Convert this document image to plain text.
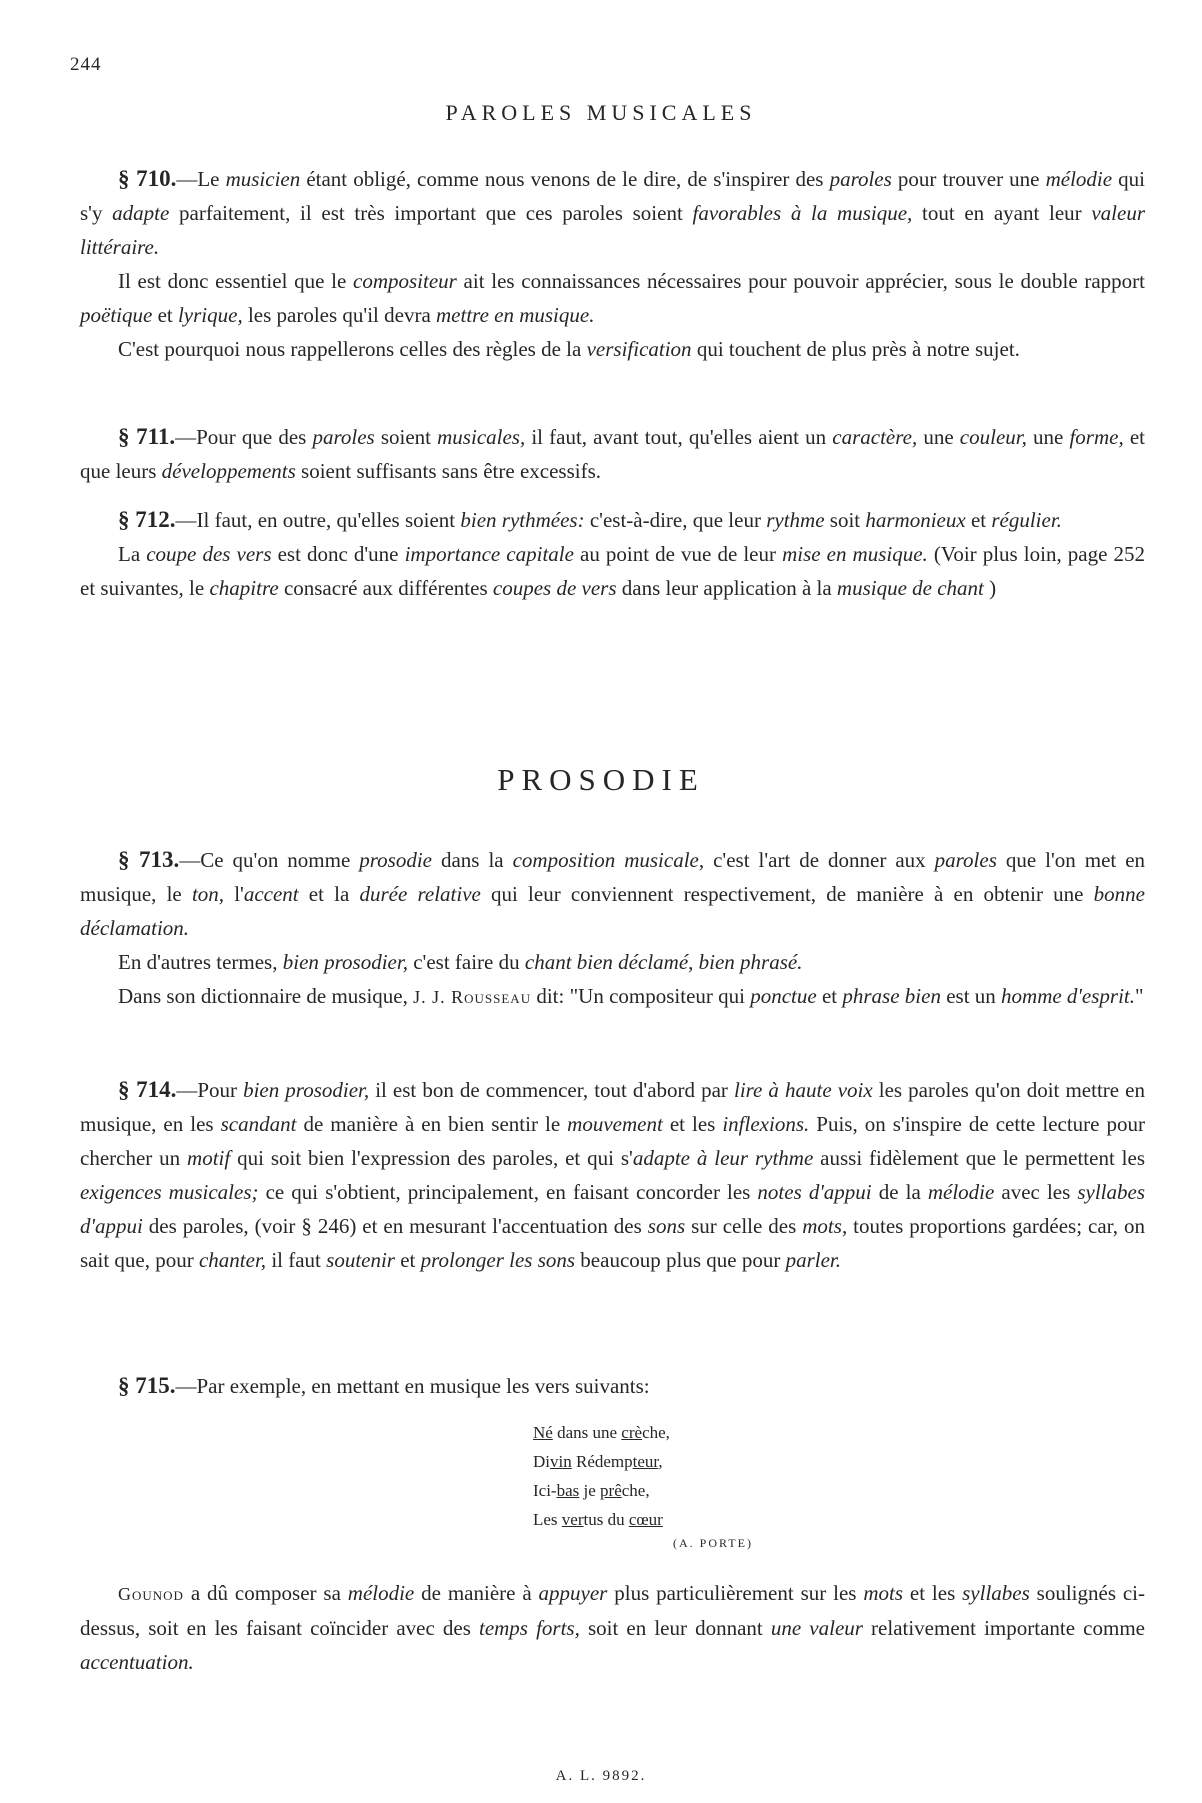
244
PAROLES MUSICALES

§ 710.—Le musicien étant obligé, comme nous venons de le dire, de s'inspirer des paroles pour trouver une mélodie qui s'y adapte parfaitement, il est très important que ces paroles soient favorables à la musique, tout en ayant leur valeur littéraire.

Il est donc essentiel que le compositeur ait les connaissances nécessaires pour pouvoir apprécier, sous le double rapport poëtique et lyrique, les paroles qu'il devra mettre en musique.

C'est pourquoi nous rappellerons celles des règles de la versification qui touchent de plus près à notre sujet.

§ 711.—Pour que des paroles soient musicales, il faut, avant tout, qu'elles aient un caractère, une couleur, une forme, et que leurs développements soient suffisants sans être excessifs.

§ 712.—Il faut, en outre, qu'elles soient bien rythmées: c'est-à-dire, que leur rythme soit harmonieux et régulier.

La coupe des vers est donc d'une importance capitale au point de vue de leur mise en musique. (Voir plus loin, page 252 et suivantes, le chapitre consacré aux différentes coupes de vers dans leur application à la musique de chant )

PROSODIE

§ 713.—Ce qu'on nomme prosodie dans la composition musicale, c'est l'art de donner aux paroles que l'on met en musique, le ton, l'accent et la durée relative qui leur conviennent respectivement, de manière à en obtenir une bonne déclamation.

En d'autres termes, bien prosodier, c'est faire du chant bien déclamé, bien phrasé.

Dans son dictionnaire de musique, J. J. Rousseau dit: "Un compositeur qui ponctue et phrase bien est un homme d'esprit."

§ 714.—Pour bien prosodier, il est bon de commencer, tout d'abord par lire à haute voix les paroles qu'on doit mettre en musique, en les scandant de manière à en bien sentir le mouvement et les inflexions. Puis, on s'inspire de cette lecture pour chercher un motif qui soit bien l'expression des paroles, et qui s'adapte à leur rythme aussi fidèlement que le permettent les exigences musicales; ce qui s'obtient, principalement, en faisant concorder les notes d'appui de la mélodie avec les syllabes d'appui des paroles, (voir § 246) et en mesurant l'accentuation des sons sur celle des mots, toutes proportions gardées; car, on sait que, pour chanter, il faut soutenir et prolonger les sons beaucoup plus que pour parler.

§ 715.—Par exemple, en mettant en musique les vers suivants:

Né dans une crèche,
Divin Rédempteur,
Ici-bas je prêche,
Les vertus du cœur
(A. PORTE)

Gounod a dû composer sa mélodie de manière à appuyer plus particulièrement sur les mots et les syllabes soulignés ci-dessus, soit en les faisant coïncider avec des temps forts, soit en leur donnant une valeur relativement importante comme accentuation.

A. L. 9892.
